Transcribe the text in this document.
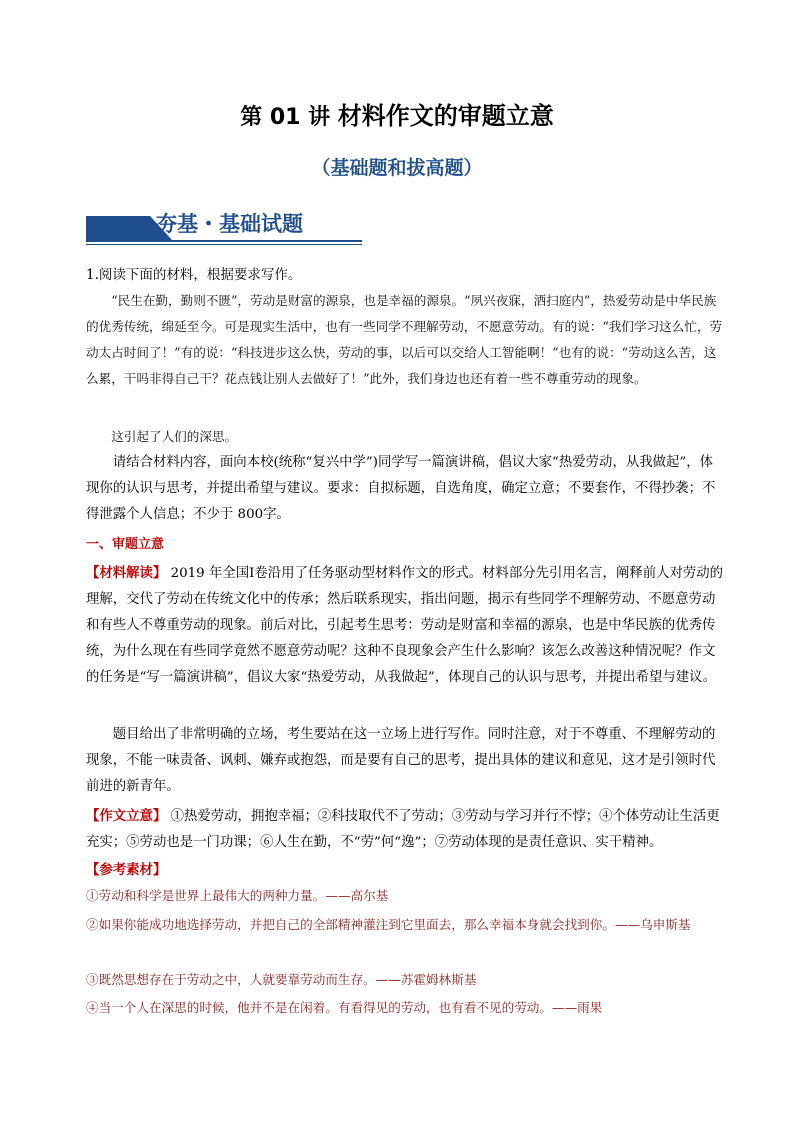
第 01 讲 材料作文的审题立意
（基础题和拔高题）
夯基・基础试题
1.阅读下面的材料，根据要求写作。
“民生在勤，勤则不匮”，劳动是财富的源泉，也是幸福的源泉。“夙兴夜寐，洒扫庭内”，热爱劳动是中华民族的优秀传统，绵延至今。可是现实生活中，也有一些同学不理解劳动，不愿意劳动。有的说：“我们学习这么忙，劳动太占时间了！”有的说：“科技进步这么快，劳动的事，以后可以交给人工智能啊！”也有的说：“劳动这么苦，这么累，干吗非得自己干？花点钱让别人去做好了！”此外，我们身边也还有着一些不尊重劳动的现象。
这引起了人们的深思。
请结合材料内容，面向本校(统称“复兴中学”)同学写一篇演讲稿，倡议大家“热爱劳动，从我做起”，体现你的认识与思考，并提出希望与建议。要求：自拟标题，自选角度，确定立意；不要套作，不得抄袭；不得泄露个人信息；不少于 800字。
一、审题立意
【材料解读】 2019 年全国Ⅰ卷沿用了任务驱动型材料作文的形式。材料部分先引用名言，阐释前人对劳动的理解，交代了劳动在传统文化中的传承；然后联系现实，指出问题，揭示有些同学不理解劳动、不愿意劳动和有些人不尊重劳动的现象。前后对比，引起考生思考：劳动是财富和幸福的源泉，也是中华民族的优秀传统，为什么现在有些同学竟然不愿意劳动呢？这种不良现象会产生什么影响？该怎么改善这种情况呢？作文的任务是“写一篇演讲稿”，倡议大家“热爱劳动，从我做起”，体现自己的认识与思考，并提出希望与建议。
题目给出了非常明确的立场，考生要站在这一立场上进行写作。同时注意，对于不尊重、不理解劳动的现象，不能一味责备、讽刺、嫌弃或抱怨，而是要有自己的思考，提出具体的建议和意见，这才是引领时代前进的新青年。
【作文立意】 ①热爱劳动，拥抱幸福；②科技取代不了劳动；③劳动与学习并行不悖；④个体劳动让生活更充实；⑤劳动也是一门功课；⑥人生在勤，不“劳”何“逸”；⑦劳动体现的是责任意识、实干精神。
【参考素材】
①劳动和科学是世界上最伟大的两种力量。——高尔基
②如果你能成功地选择劳动，并把自己的全部精神灌注到它里面去，那么幸福本身就会找到你。——乌申斯基
③既然思想存在于劳动之中，人就要靠劳动而生存。——苏霍姆林斯基
④当一个人在深思的时候，他并不是在闲着。有看得见的劳动，也有看不见的劳动。——雨果
